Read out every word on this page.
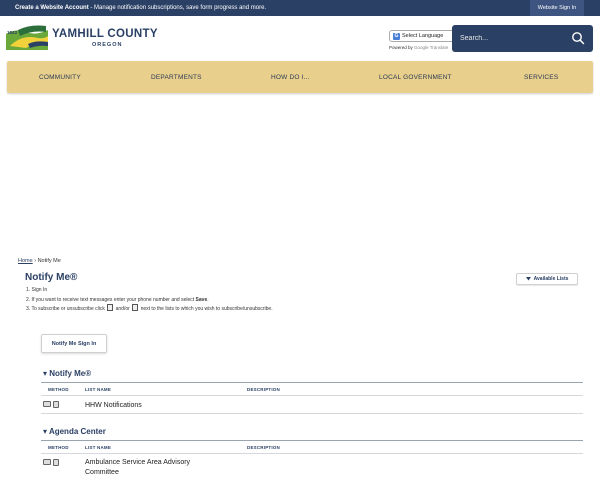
Create a Website Account - Manage notification subscriptions, save form progress and more.	Website Sign In
1843	YAMHILL COUNTY
OREGON
G Select Language
Powered by Google Translate
Search...
COMMUNITY	DEPARTMENTS	HOW DO I...	LOCAL GOVERNMENT	SERVICES
Home › Notify Me
Notify Me®	Available Lists
1. Sign In
2. If you want to receive text messages enter your phone number and select Save.
3. To subscribe or unsubscribe click and/or next to the lists to which you wish to subscribe/unsubscribe.
Notify Me Sign In
▾ Notify Me®
METHOD	LIST NAME	DESCRIPTION
HHW Notifications
▾ Agenda Center
METHOD	LIST NAME	DESCRIPTION
Ambulance Service Area Advisory Committee
